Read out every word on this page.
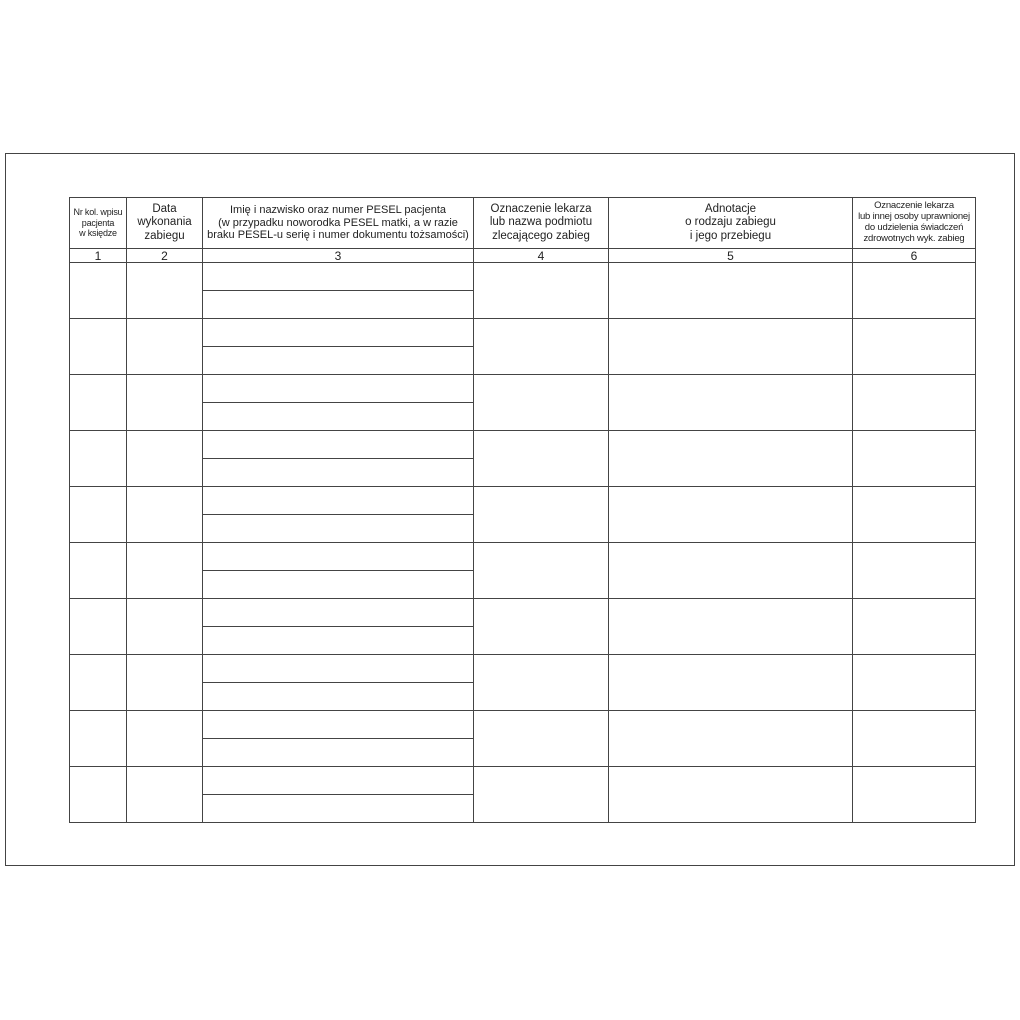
Nr kol. wpisu
pacjenta
w księdze	Data
wykonania
zabiegu	Imię i nazwisko oraz numer PESEL pacjenta
(w przypadku noworodka PESEL matki, a w razie
braku PESEL-u serię i numer dokumentu tożsamości)	Oznaczenie lekarza
lub nazwa podmiotu
zlecającego zabieg	Adnotacje
o rodzaju zabiegu
i jego przebiegu	Oznaczenie lekarza
lub innej osoby uprawnionej
do udzielenia świadczeń
zdrowotnych wyk. zabieg

1	2	3	4	5	6
